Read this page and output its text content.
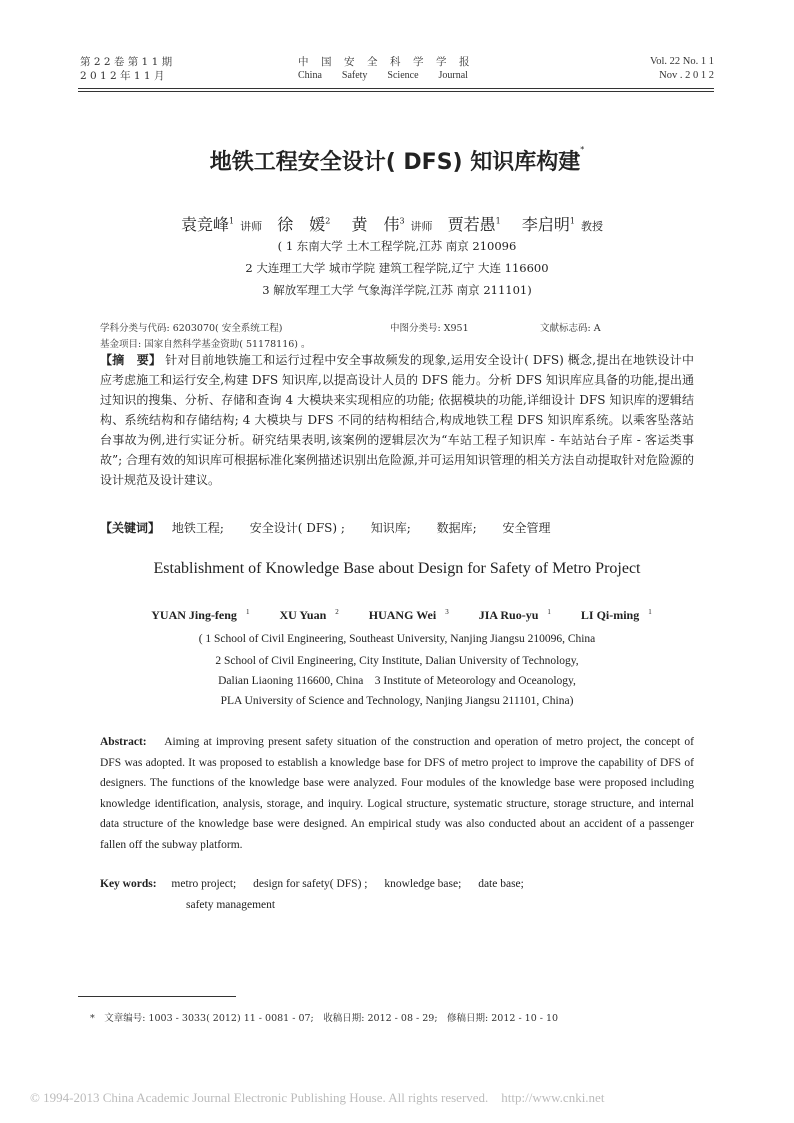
第 2 2 卷 第 1 1 期
2 0 1 2 年 1 1 月
中　国　安　全　科　学　学　报
China　　Safety　　Science　　Journal
Vol. 22 No. 1 1
Nov . 2 0 1 2
地铁工程安全设计( DFS) 知识库构建*
袁竞峰$^1$ 讲师 徐　媛$^2$ 黄　伟$^3$ 讲师 贾若愚$^1$ 李启明$^1$ 教授
( 1 东南大学 土木工程学院,江苏 南京 210096
2 大连理工大学 城市学院 建筑工程学院,辽宁 大连 116600
3 解放军理工大学 气象海洋学院,江苏 南京 211101)
学科分类与代码: 6203070( 安全系统工程)	中图分类号: X951	文献标志码: A
基金项目: 国家自然科学基金资助( 51178116) 。
【摘　要】 针对目前地铁施工和运行过程中安全事故频发的现象,运用安全设计( DFS) 概念,提出在地铁设计中应考虑施工和运行安全,构建 DFS 知识库,以提高设计人员的 DFS 能力。分析 DFS 知识库应具备的功能,提出通过知识的搜集、分析、存储和查询 4 大模块来实现相应的功能; 依据模块的功能,详细设计 DFS 知识库的逻辑结构、系统结构和存储结构; 4 大模块与 DFS 不同的结构相结合,构成地铁工程 DFS 知识库系统。以乘客坠落站台事故为例,进行实证分析。研究结果表明,该案例的逻辑层次为“车站工程子知识库 - 车站站台子库 - 客运类事故”; 合理有效的知识库可根据标准化案例描述识别出危险源,并可运用知识管理的相关方法自动提取针对危险源的设计规范及设计建议。
【关键词】 地铁工程; 安全设计( DFS) ; 知识库; 数据库; 安全管理
Establishment of Knowledge Base about Design for Safety of Metro Project
YUAN Jing-feng $^1$	XU Yuan $^2$	HUANG Wei $^3$	JIA Ruo-yu $^1$	LI Qi-ming $^1$
( 1 School of Civil Engineering, Southeast University, Nanjing Jiangsu 210096, China
2 School of Civil Engineering, City Institute, Dalian University of Technology,
Dalian Liaoning 116600, China　3 Institute of Meteorology and Oceanology,
PLA University of Science and Technology, Nanjing Jiangsu 211101, China)
Abstract: Aiming at improving present safety situation of the construction and operation of metro project, the concept of DFS was adopted. It was proposed to establish a knowledge base for DFS of metro project to improve the capability of DFS of designers. The functions of the knowledge base were analyzed. Four modules of the knowledge base were proposed including knowledge identification, analysis, storage, and inquiry. Logical structure, systematic structure, storage structure, and internal data structure of the knowledge base were designed. An empirical study was also conducted about an accident of a passenger fallen off the subway platform.
Key words: metro project; design for safety( DFS) ; knowledge base; date base;
safety management
*　文章编号: 1003 - 3033( 2012) 11 - 0081 - 07;　收稿日期: 2012 - 08 - 29;　修稿日期: 2012 - 10 - 10
© 1994-2013 China Academic Journal Electronic Publishing House. All rights reserved.　http://www.cnki.net
